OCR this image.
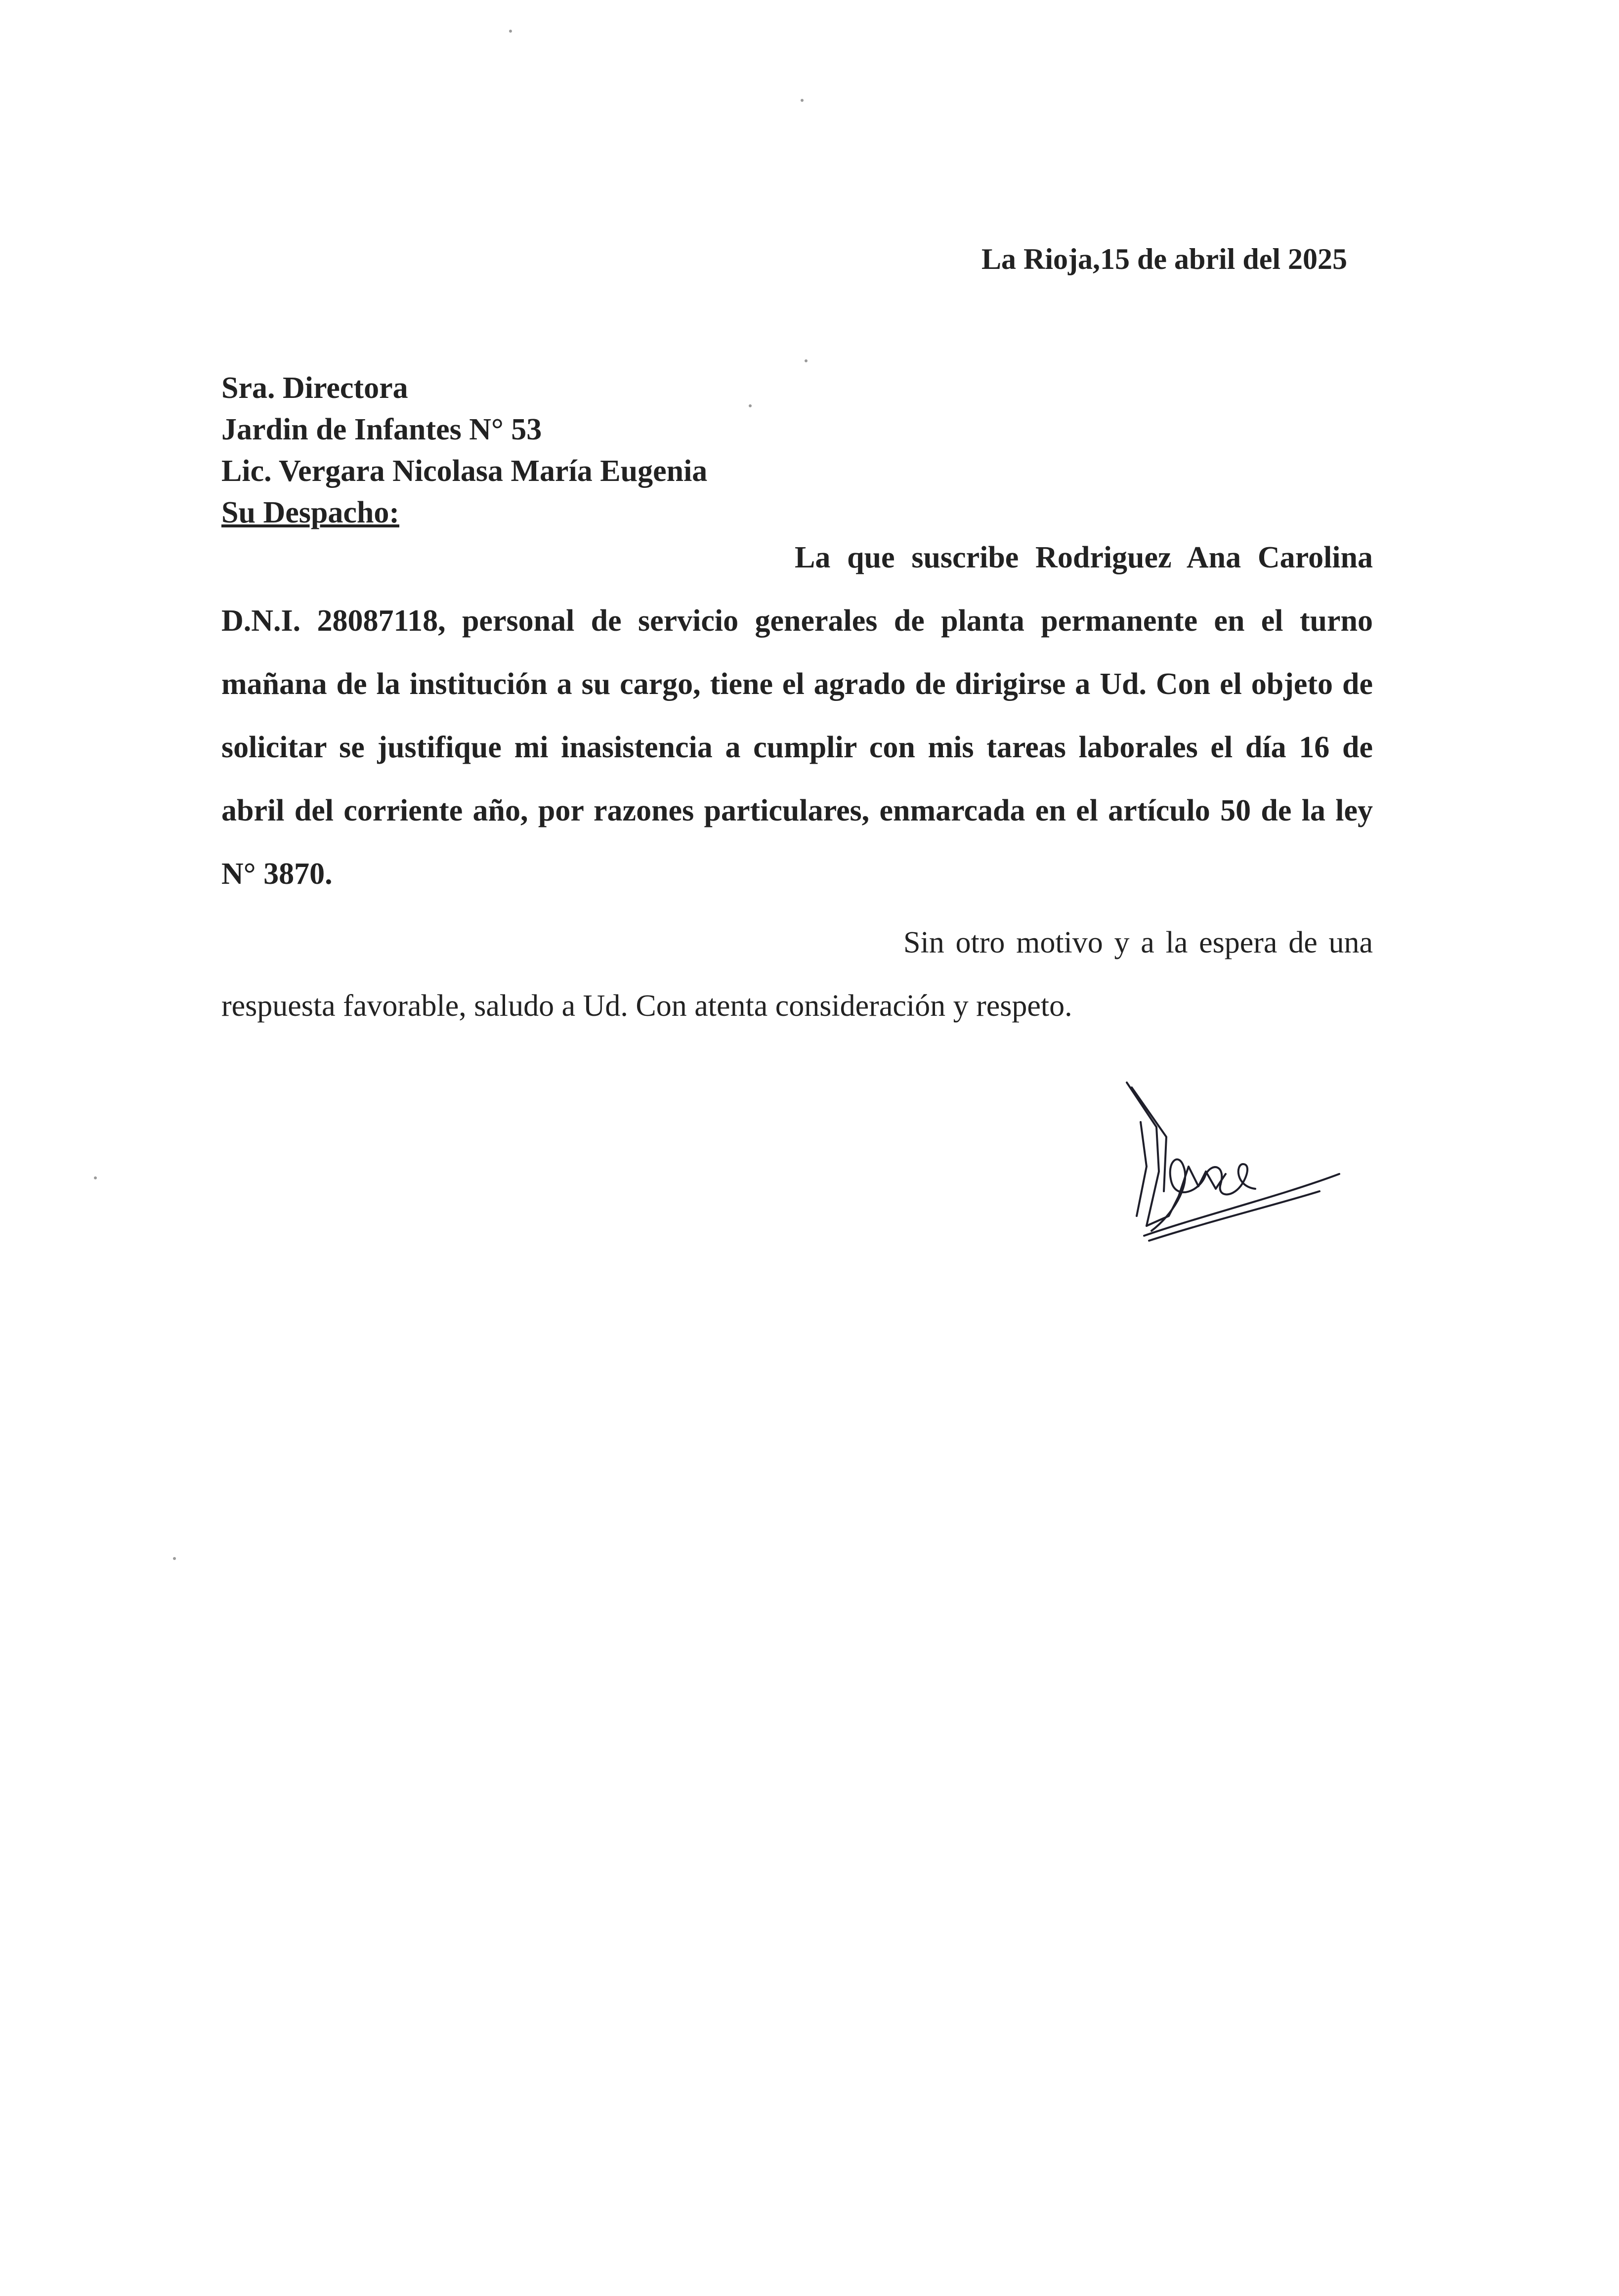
La Rioja,15 de abril del 2025
Sra. Directora
Jardin de Infantes N° 53
Lic. Vergara Nicolasa María Eugenia
Su Despacho:
La que suscribe Rodriguez Ana Carolina D.N.I. 28087118, personal de servicio generales de planta permanente en el turno mañana de la institución a su cargo, tiene el agrado de dirigirse a Ud. Con el objeto de solicitar se justifique mi inasistencia a cumplir con mis tareas laborales el día 16 de abril del corriente año, por razones particulares, enmarcada en el artículo 50 de la ley N° 3870.
Sin otro motivo y a la espera de una respuesta favorable, saludo a Ud. Con atenta consideración y respeto.
